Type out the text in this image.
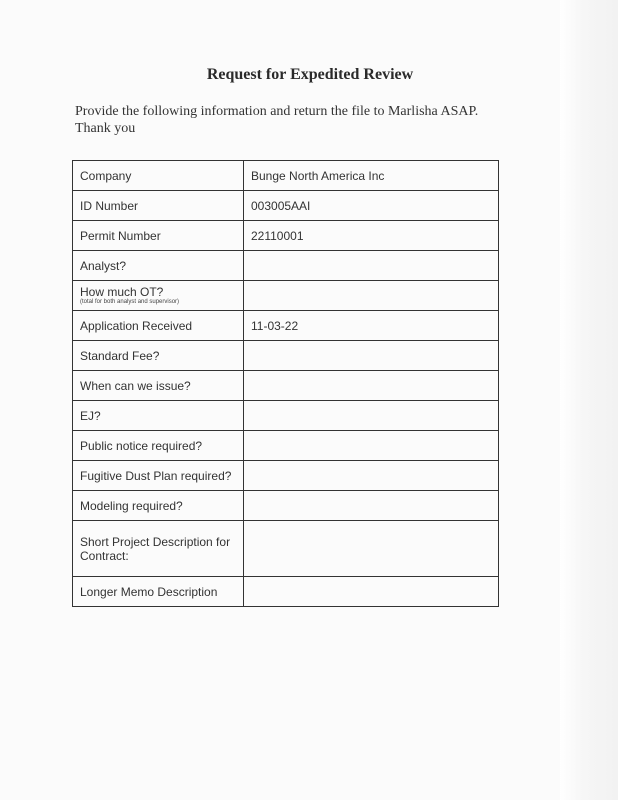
Request for Expedited Review
Provide the following information and return the file to Marlisha ASAP.
Thank you
Company	Bunge North America Inc
ID Number	003005AAI
Permit Number	22110001
Analyst?	
How much OT?
(total for both analyst and supervisor)	

Application Received	11-03-22
Standard Fee?	
When can we issue?	
EJ?	
Public notice required?	
Fugitive Dust Plan required?	
Modeling required?	
Short Project Description for Contract:	
Longer Memo Description	
